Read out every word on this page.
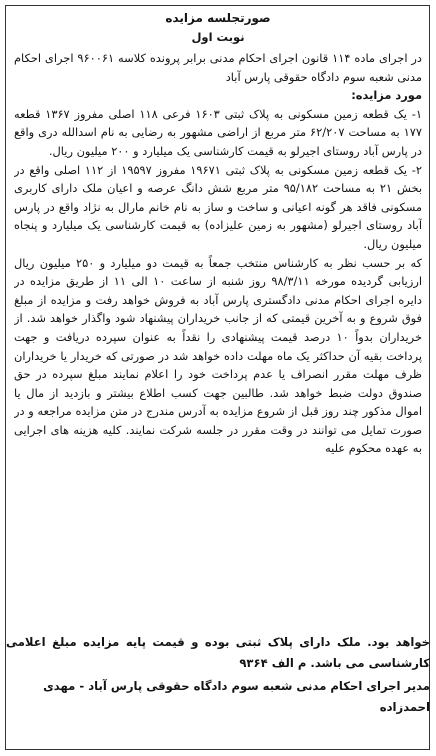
صورتجلسه مزایده

نوبت اول

در اجرای ماده ۱۱۴ قانون اجرای احکام مدنی برابر پرونده کلاسه ۹۶۰۰۶۱ اجرای احکام مدنی شعبه سوم دادگاه حقوقی پارس آباد

مورد مزایده:

۱- یک قطعه زمین مسکونی به پلاک ثبتی ۱۶۰۳ فرعی ۱۱۸ اصلی مفروز ۱۳۶۷ قطعه ۱۷۷ به مساحت ۶۲/۲۰۷ متر مربع از اراضی مشهور به رضایی به نام اسدالله دری واقع در پارس آباد روستای اجیرلو به قیمت کارشناسی یک میلیارد و ۲۰۰ میلیون ریال.

۲- یک قطعه زمین مسکونی به پلاک ثبتی ۱۹۶۷۱ مفروز ۱۹۵۹۷ از ۱۱۲ اصلی واقع در بخش ۲۱ به مساحت ۹۵/۱۸۲ متر مربع شش دانگ عرصه و اعیان ملک دارای کاربری مسکونی فاقد هر گونه اعیانی و ساخت و ساز به نام خانم مارال به نژاد واقع در پارس آباد روستای اجیرلو (مشهور به زمین علیزاده) به قیمت کارشناسی یک میلیارد و پنجاه میلیون ریال.

که بر حسب نظر به کارشناس منتخب جمعاً به قیمت دو میلیارد و ۲۵۰ میلیون ریال ارزیابی گردیده مورخه ۹۸/۳/۱۱ روز شنبه از ساعت ۱۰ الی ۱۱ از طریق مزایده در دایره اجرای احکام مدنی دادگستری پارس آباد به فروش خواهد رفت و مزایده از مبلغ فوق شروع و به آخرین قیمتی که از جانب خریداران پیشنهاد شود واگذار خواهد شد. از خریداران بدواً ۱۰ درصد قیمت پیشنهادی را نقداً به عنوان سپرده دریافت و جهت پرداخت بقیه آن حداکثر یک ماه مهلت داده خواهد شد در صورتی که خریدار یا خریداران ظرف مهلت مقرر انصراف یا عدم پرداخت خود را اعلام نمایند مبلغ سپرده در حق صندوق دولت ضبط خواهد شد. طالبین جهت کسب اطلاع بیشتر و بازدید از مال یا اموال مذکور چند روز قبل از شروع مزایده به آدرس مندرج در متن مزایده مراجعه و در صورت تمایل می توانند در وقت مقرر در جلسه شرکت نمایند. کلیه هزینه های اجرایی به عهده محکوم علیه

خواهد بود. ملک دارای پلاک ثبتی بوده و قیمت پایه مزایده مبلغ اعلامی کارشناسی می باشد. م الف ۹۳۶۴

مدیر اجرای احکام مدنی شعبه سوم دادگاه حقوقی پارس آباد - مهدی

احمدزاده
